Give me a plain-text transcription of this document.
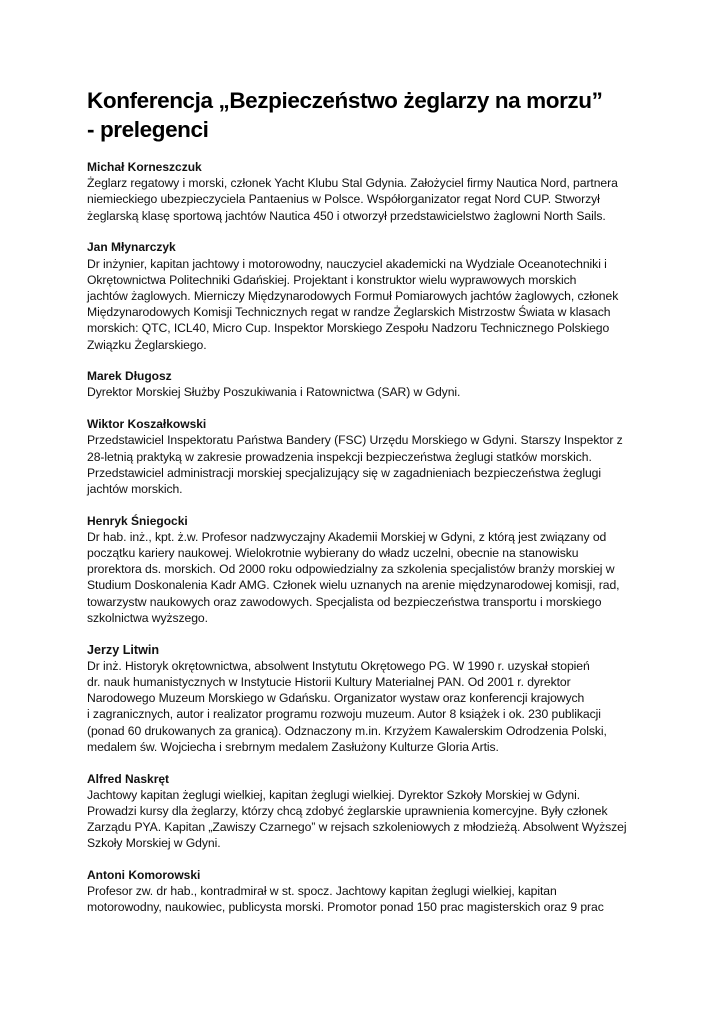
Konferencja „Bezpieczeństwo żeglarzy na morzu”
- prelegenci
Michał Korneszczuk
Żeglarz regatowy i morski, członek Yacht Klubu Stal Gdynia. Założyciel firmy Nautica Nord, partnera
niemieckiego ubezpieczyciela Pantaenius w Polsce. Współorganizator regat Nord CUP. Stworzył
żeglarską klasę sportową jachtów Nautica 450 i otworzył przedstawicielstwo żaglowni North Sails.
Jan Młynarczyk
Dr inżynier, kapitan jachtowy i motorowodny, nauczyciel akademicki na Wydziale Oceanotechniki i
Okrętownictwa Politechniki Gdańskiej. Projektant i konstruktor wielu wyprawowych morskich
jachtów żaglowych. Mierniczy Międzynarodowych Formuł Pomiarowych jachtów żaglowych, członek
Międzynarodowych Komisji Technicznych regat w randze Żeglarskich Mistrzostw Świata w klasach
morskich: QTC, ICL40, Micro Cup. Inspektor Morskiego Zespołu Nadzoru Technicznego Polskiego
Związku Żeglarskiego.
Marek Długosz
Dyrektor Morskiej Służby Poszukiwania i Ratownictwa (SAR) w Gdyni.
Wiktor Koszałkowski
Przedstawiciel Inspektoratu Państwa Bandery (FSC) Urzędu Morskiego w Gdyni. Starszy Inspektor z
28-letnią praktyką w zakresie prowadzenia inspekcji bezpieczeństwa żeglugi statków morskich.
Przedstawiciel administracji morskiej specjalizujący się w zagadnieniach bezpieczeństwa żeglugi
jachtów morskich.
Henryk Śniegocki
Dr hab. inż., kpt. ż.w. Profesor nadzwyczajny Akademii Morskiej w Gdyni, z którą jest związany od
początku kariery naukowej. Wielokrotnie wybierany do władz uczelni, obecnie na stanowisku
prorektora ds. morskich. Od 2000 roku odpowiedzialny za szkolenia specjalistów branży morskiej w
Studium Doskonalenia Kadr AMG. Członek wielu uznanych na arenie międzynarodowej komisji, rad,
towarzystw naukowych oraz zawodowych. Specjalista od bezpieczeństwa transportu i morskiego
szkolnictwa wyższego.
Jerzy Litwin
Dr inż. Historyk okrętownictwa, absolwent Instytutu Okrętowego PG. W 1990 r. uzyskał stopień
dr. nauk humanistycznych w Instytucie Historii Kultury Materialnej PAN. Od 2001 r. dyrektor
Narodowego Muzeum Morskiego w Gdańsku. Organizator wystaw oraz konferencji krajowych
i zagranicznych, autor i realizator programu rozwoju muzeum. Autor 8 książek i ok. 230 publikacji
(ponad 60 drukowanych za granicą). Odznaczony m.in. Krzyżem Kawalerskim Odrodzenia Polski,
medalem św. Wojciecha i srebrnym medalem Zasłużony Kulturze Gloria Artis.
Alfred Naskręt
Jachtowy kapitan żeglugi wielkiej, kapitan żeglugi wielkiej. Dyrektor Szkoły Morskiej w Gdyni.
Prowadzi kursy dla żeglarzy, którzy chcą zdobyć żeglarskie uprawnienia komercyjne. Były członek
Zarządu PYA. Kapitan „Zawiszy Czarnego” w rejsach szkoleniowych z młodzieżą. Absolwent Wyższej
Szkoły Morskiej w Gdyni.
Antoni Komorowski
Profesor zw. dr hab., kontradmirał w st. spocz. Jachtowy kapitan żeglugi wielkiej, kapitan
motorowodny, naukowiec, publicysta morski. Promotor ponad 150 prac magisterskich oraz 9 prac
